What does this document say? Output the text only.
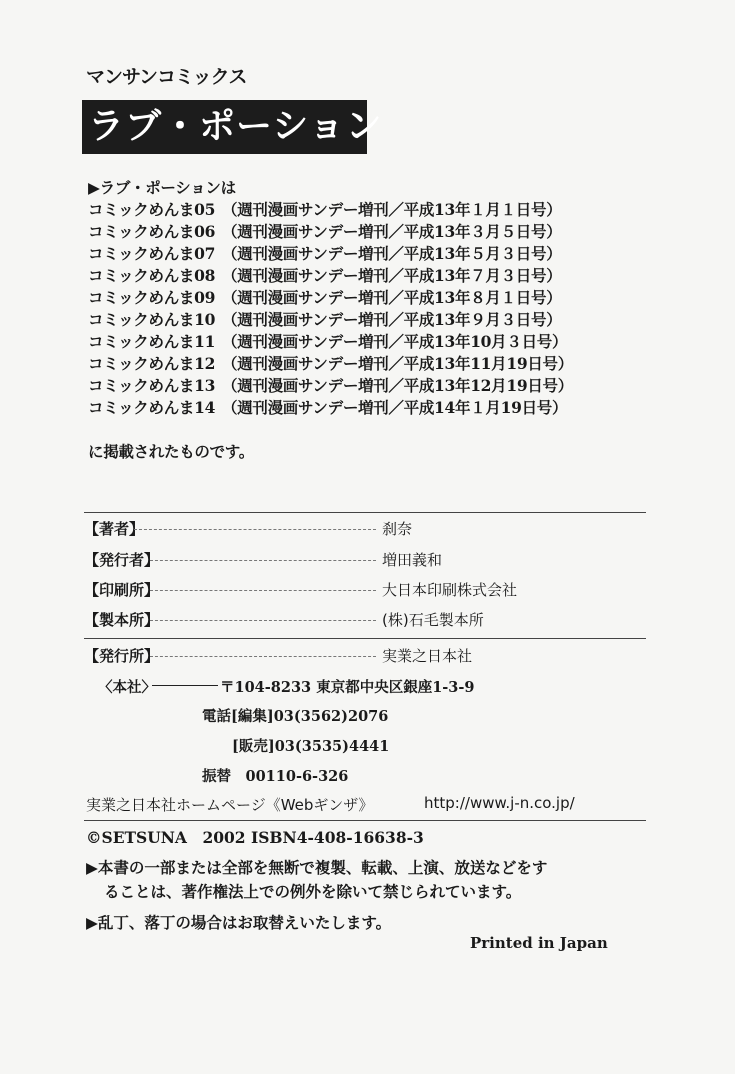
マンサンコミックス
ラブ・ポーション
▶ラブ・ポーションは
コミックめんま05 （週刊漫画サンデー増刊／平成13年１月１日号）
コミックめんま06 （週刊漫画サンデー増刊／平成13年３月５日号）
コミックめんま07 （週刊漫画サンデー増刊／平成13年５月３日号）
コミックめんま08 （週刊漫画サンデー増刊／平成13年７月３日号）
コミックめんま09 （週刊漫画サンデー増刊／平成13年８月１日号）
コミックめんま10 （週刊漫画サンデー増刊／平成13年９月３日号）
コミックめんま11 （週刊漫画サンデー増刊／平成13年10月３日号）
コミックめんま12 （週刊漫画サンデー増刊／平成13年11月19日号）
コミックめんま13 （週刊漫画サンデー増刊／平成13年12月19日号）
コミックめんま14 （週刊漫画サンデー増刊／平成14年１月19日号）
に掲載されたものです。
【著者】	刹奈
【発行者】	増田義和
【印刷所】	大日本印刷株式会社
【製本所】	(株)石毛製本所
【発行所】	実業之日本社
〈本社〉	〒104-8233 東京都中央区銀座1-3-9
電話[編集]03(3562)2076
[販売]03(3535)4441
振替　00110-6-326
実業之日本社ホームページ《Webギンザ》	http://www.j-n.co.jp/
©SETSUNA　2002 ISBN4-408-16638-3
▶本書の一部または全部を無断で複製、転載、上演、放送などをす
ることは、著作権法上での例外を除いて禁じられています。
▶乱丁、落丁の場合はお取替えいたします。
Printed in Japan
